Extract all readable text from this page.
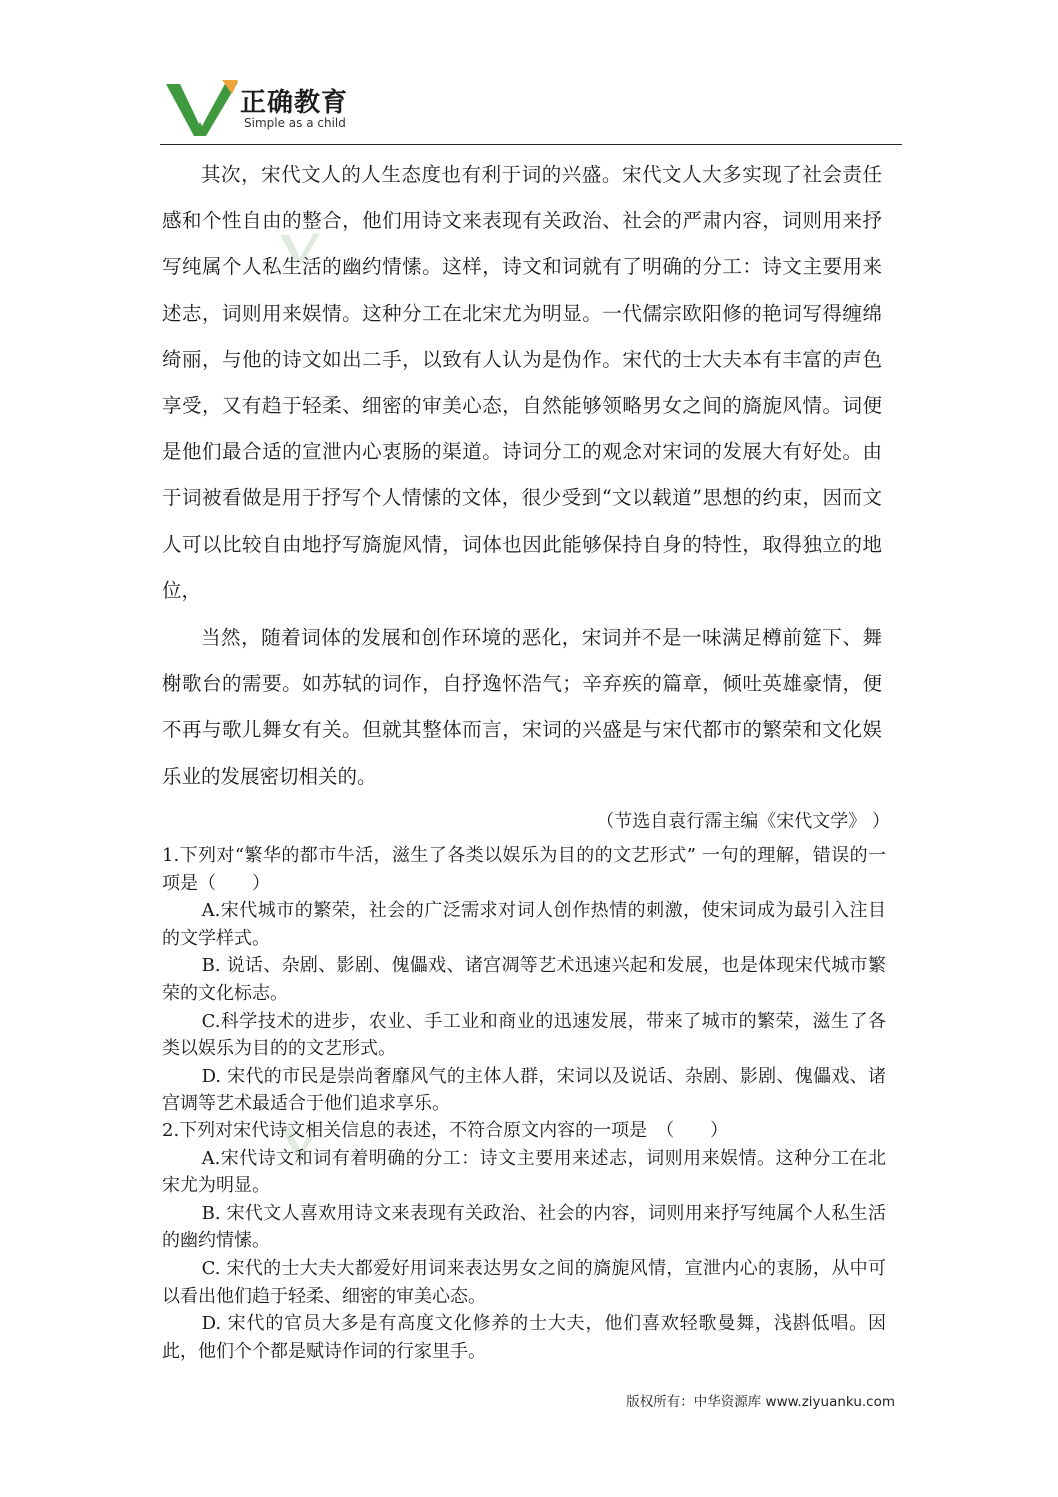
正确教育
Simple as a child

其次，宋代文人的人生态度也有利于词的兴盛。宋代文人大多实现了社会责任感和个性自由的整合，他们用诗文来表现有关政治、社会的严肃内容，词则用来抒写纯属个人私生活的幽约情愫。这样，诗文和词就有了明确的分工：诗文主要用来述志，词则用来娱情。这种分工在北宋尤为明显。一代儒宗欧阳修的艳词写得缠绵绮丽，与他的诗文如出二手，以致有人认为是伪作。宋代的士大夫本有丰富的声色享受，又有趋于轻柔、细密的审美心态，自然能够领略男女之间的旖旎风情。词便是他们最合适的宣泄内心衷肠的渠道。诗词分工的观念对宋词的发展大有好处。由于词被看做是用于抒写个人情愫的文体，很少受到“文以载道”思想的约束，因而文人可以比较自由地抒写旖旎风情，词体也因此能够保持自身的特性，取得独立的地位，

当然，随着词体的发展和创作环境的恶化，宋词并不是一味满足樽前筵下、舞榭歌台的需要。如苏轼的词作，自抒逸怀浩气；辛弃疾的篇章，倾吐英雄豪情，便不再与歌儿舞女有关。但就其整体而言，宋词的兴盛是与宋代都市的繁荣和文化娱乐业的发展密切相关的。

（节选自袁行霈主编《宋代文学》 ）

1.下列对“繁华的都市牛活，滋生了各类以娱乐为目的的文艺形式” 一句的理解，错误的一项是（　　）
A.宋代城市的繁荣，社会的广泛需求对词人创作热情的刺激，使宋词成为最引入注目的文学样式。
B. 说话、杂剧、影剧、傀儡戏、诸宫凋等艺术迅速兴起和发展，也是体现宋代城市繁荣的文化标志。
C.科学技术的进步，农业、手工业和商业的迅速发展，带来了城市的繁荣，滋生了各类以娱乐为目的的文艺形式。
D. 宋代的市民是崇尚奢靡风气的主体人群，宋词以及说话、杂剧、影剧、傀儡戏、诸宫调等艺术最适合于他们追求享乐。
2.下列对宋代诗文相关信息的表述，不符合原文内容的一项是　（　　）
A.宋代诗文和词有着明确的分工：诗文主要用来述志，词则用来娱情。这种分工在北宋尤为明显。
B. 宋代文人喜欢用诗文来表现有关政治、社会的内容，词则用来抒写纯属个人私生活的幽约情愫。
C. 宋代的士大夫大都爱好用词来表达男女之间的旖旎风情，宣泄内心的衷肠，从中可以看出他们趋于轻柔、细密的审美心态。
D. 宋代的官员大多是有高度文化修养的士大夫，他们喜欢轻歌曼舞，浅斟低唱。因此，他们个个都是赋诗作词的行家里手。
版权所有：中华资源库 www.ziyuanku.com
